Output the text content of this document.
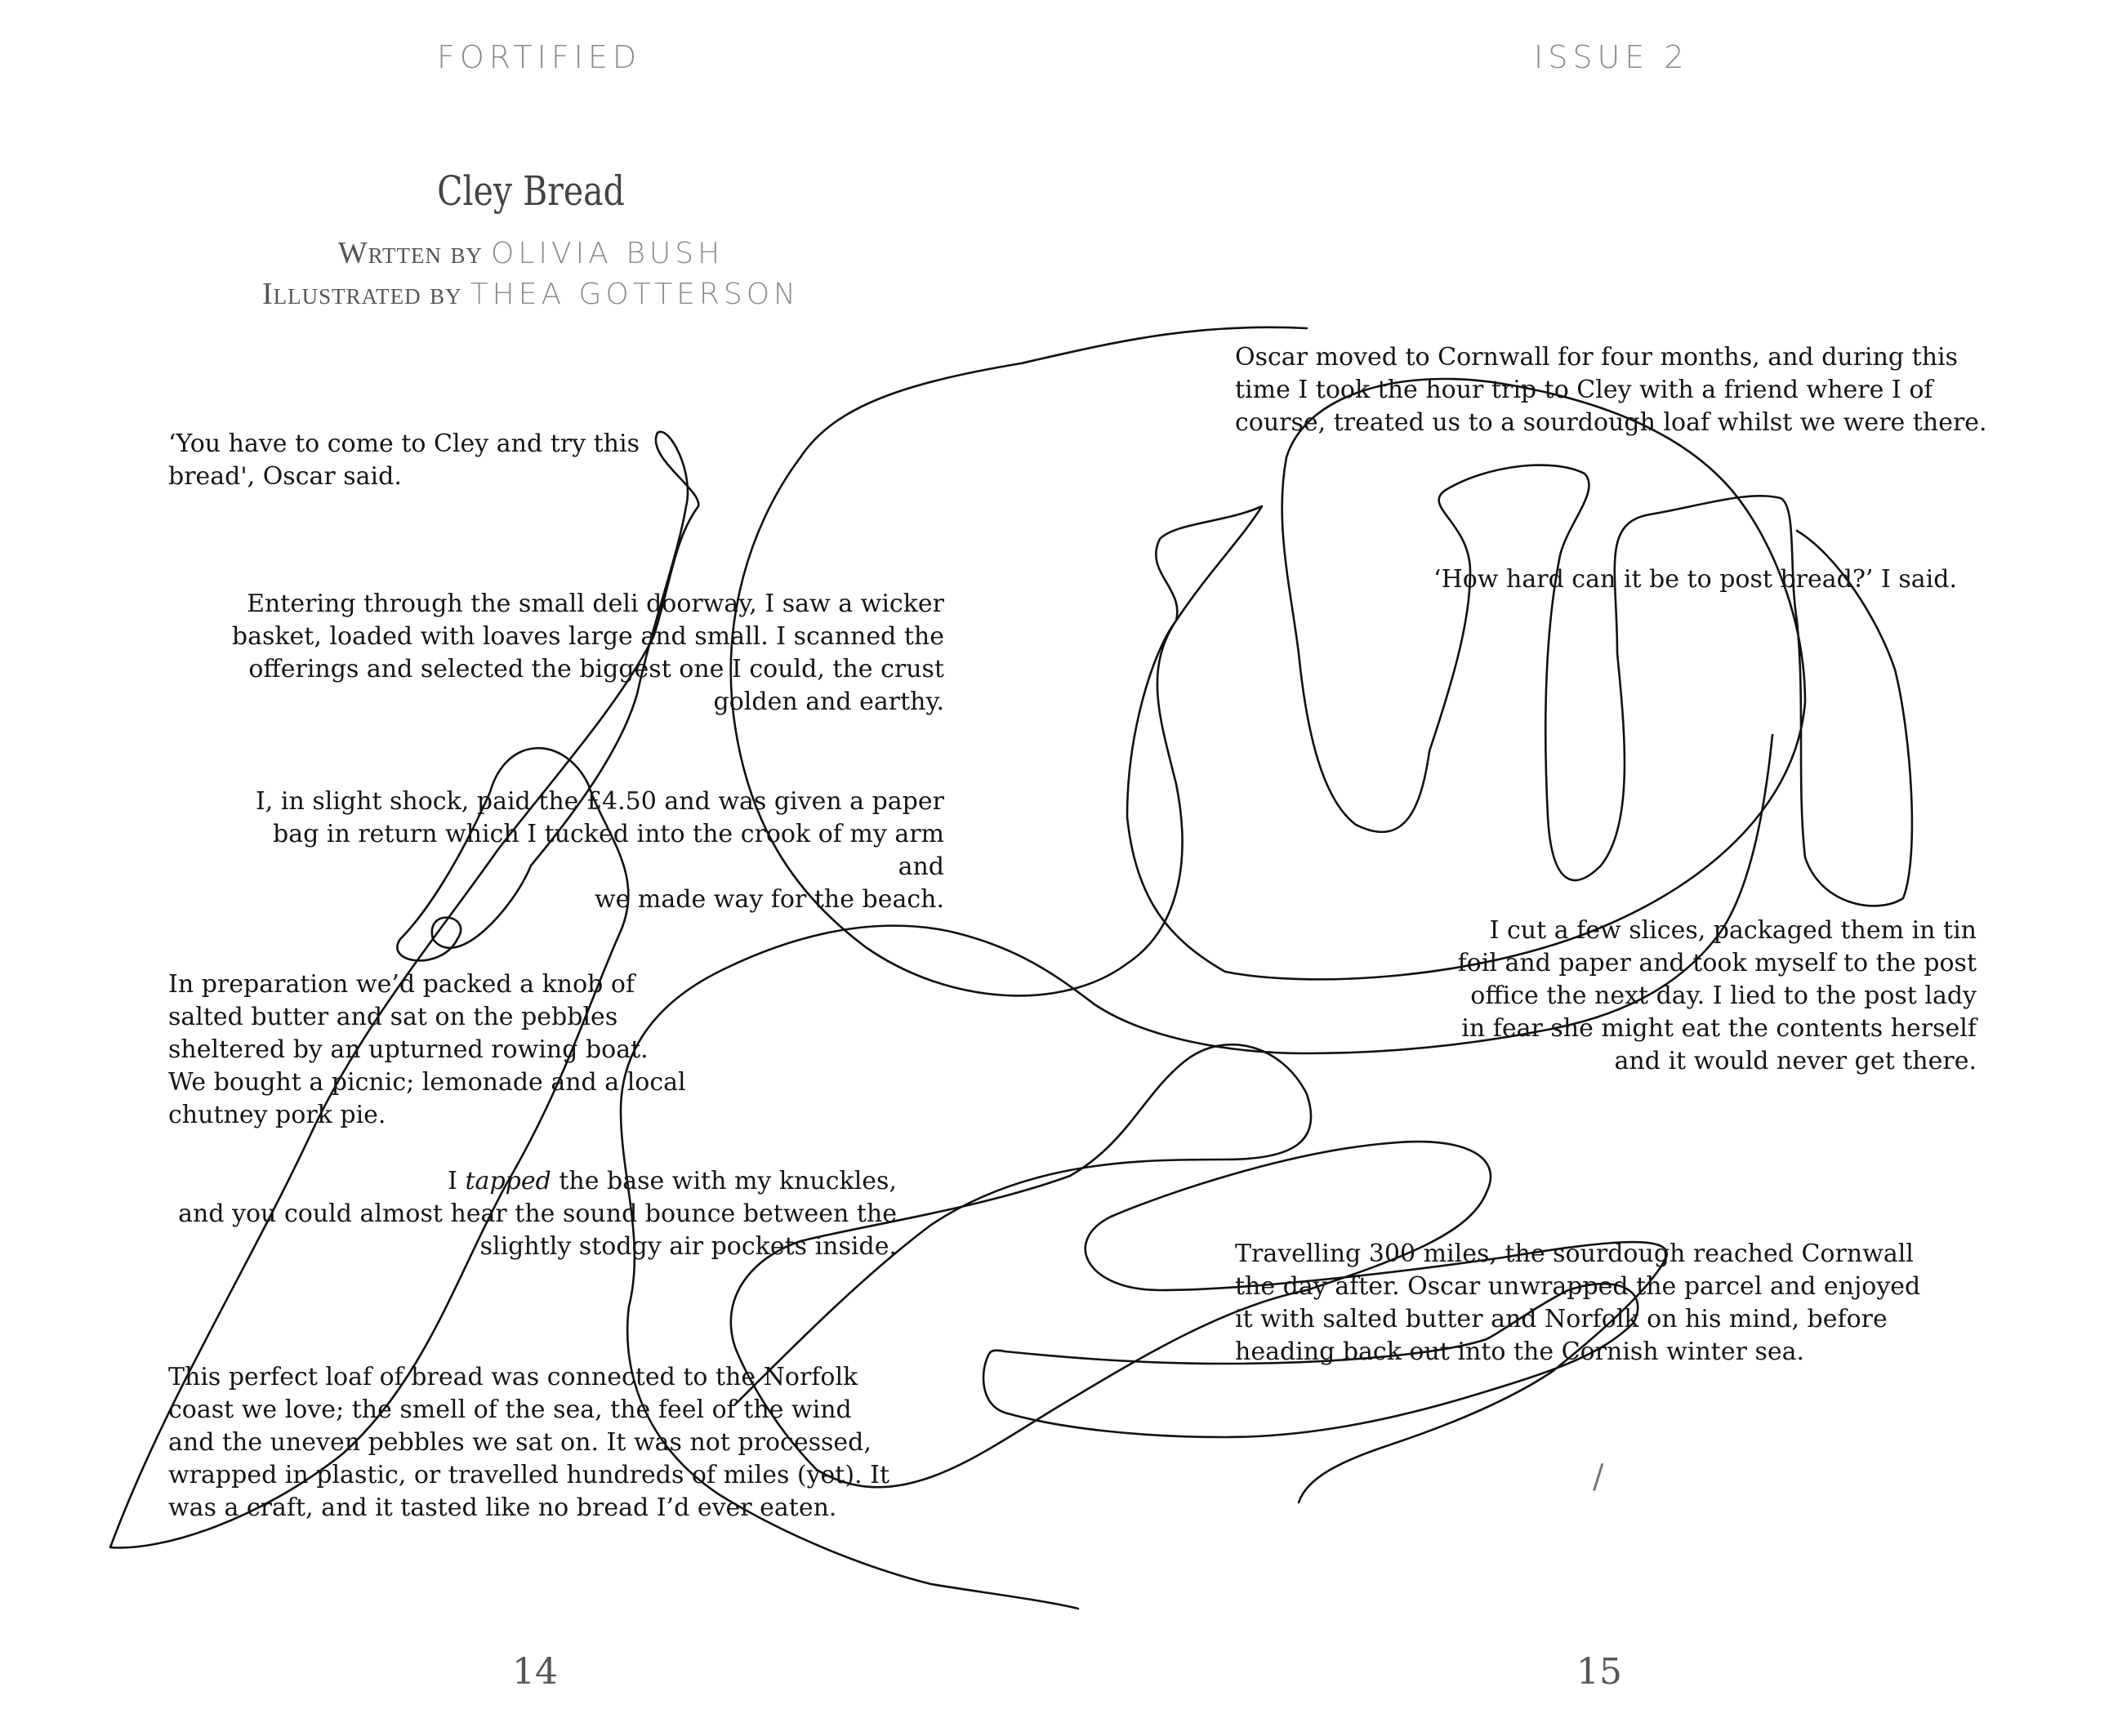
FORTIFIED	ISSUE 2

Cley Bread

Wrtten by OLIVIA BUSH

Illustrated by THEA GOTTERSON

‘You have to come to Cley and try this
bread', Oscar said.

Entering through the small deli doorway, I saw a wicker
basket, loaded with loaves large and small. I scanned the
offerings and selected the biggest one I could, the crust
golden and earthy.

I, in slight shock, paid the £4.50 and was given a paper
bag in return which I tucked into the crook of my arm and
we made way for the beach.

In preparation we’d packed a knob of
salted butter and sat on the pebbles
sheltered by an upturned rowing boat.
We bought a picnic; lemonade and a local
chutney pork pie.

I tapped the base with my knuckles,
and you could almost hear the sound bounce between the
slightly stodgy air pockets inside.

This perfect loaf of bread was connected to the Norfolk
coast we love; the smell of the sea, the feel of the wind
and the uneven pebbles we sat on. It was not processed,
wrapped in plastic, or travelled hundreds of miles (yet). It
was a craft, and it tasted like no bread I’d ever eaten.

Oscar moved to Cornwall for four months, and during this
time I took the hour trip to Cley with a friend where I of
course, treated us to a sourdough loaf whilst we were there.

‘How hard can it be to post bread?’ I said.

I cut a few slices, packaged them in tin
foil and paper and took myself to the post
office the next day. I lied to the post lady
in fear she might eat the contents herself
and it would never get there.

Travelling 300 miles, the sourdough reached Cornwall
the day after. Oscar unwrapped the parcel and enjoyed
it with salted butter and Norfolk on his mind, before
heading back out into the Cornish winter sea.

/

14	15
